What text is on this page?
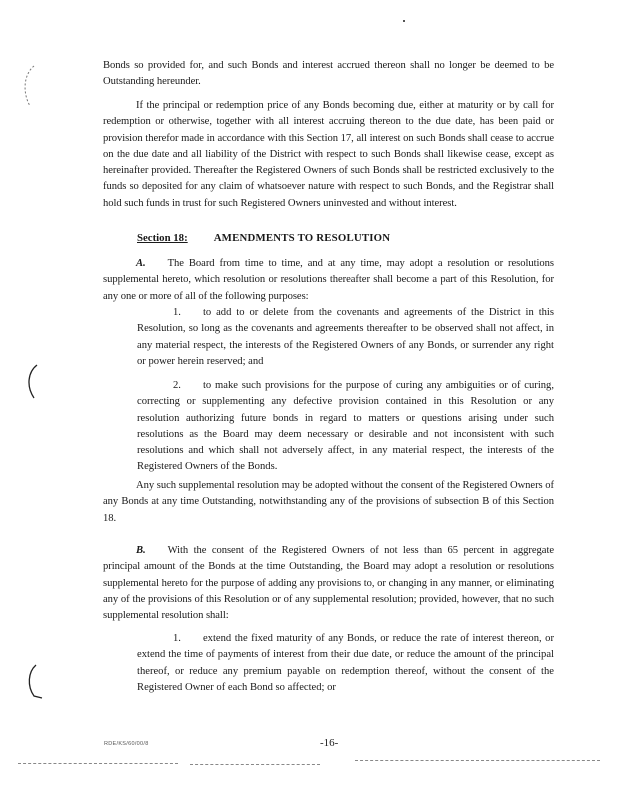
Bonds so provided for, and such Bonds and interest accrued thereon shall no longer be deemed to be Outstanding hereunder.

If the principal or redemption price of any Bonds becoming due, either at maturity or by call for redemption or otherwise, together with all interest accruing thereon to the due date, has been paid or provision therefor made in accordance with this Section 17, all interest on such Bonds shall cease to accrue on the due date and all liability of the District with respect to such Bonds shall likewise cease, except as hereinafter provided. Thereafter the Registered Owners of such Bonds shall be restricted exclusively to the funds so deposited for any claim of whatsoever nature with respect to such Bonds, and the Registrar shall hold such funds in trust for such Registered Owners uninvested and without interest.

Section 18: AMENDMENTS TO RESOLUTION

A. The Board from time to time, and at any time, may adopt a resolution or resolutions supplemental hereto, which resolution or resolutions thereafter shall become a part of this Resolution, for any one or more of all of the following purposes:

1. to add to or delete from the covenants and agreements of the District in this Resolution, so long as the covenants and agreements thereafter to be observed shall not affect, in any material respect, the interests of the Registered Owners of any Bonds, or surrender any right or power herein reserved; and

2. to make such provisions for the purpose of curing any ambiguities or of curing, correcting or supplementing any defective provision contained in this Resolution or any resolution authorizing future bonds in regard to matters or questions arising under such resolutions as the Board may deem necessary or desirable and not inconsistent with such resolutions and which shall not adversely affect, in any material respect, the interests of the Registered Owners of the Bonds.

Any such supplemental resolution may be adopted without the consent of the Registered Owners of any Bonds at any time Outstanding, notwithstanding any of the provisions of subsection B of this Section 18.

B. With the consent of the Registered Owners of not less than 65 percent in aggregate principal amount of the Bonds at the time Outstanding, the Board may adopt a resolution or resolutions supplemental hereto for the purpose of adding any provisions to, or changing in any manner, or eliminating any of the provisions of this Resolution or of any supplemental resolution; provided, however, that no such supplemental resolution shall:

1. extend the fixed maturity of any Bonds, or reduce the rate of interest thereon, or extend the time of payments of interest from their due date, or reduce the amount of the principal thereof, or reduce any premium payable on redemption thereof, without the consent of the Registered Owner of each Bond so affected; or

RDE/KS/60/00/8	-16-
